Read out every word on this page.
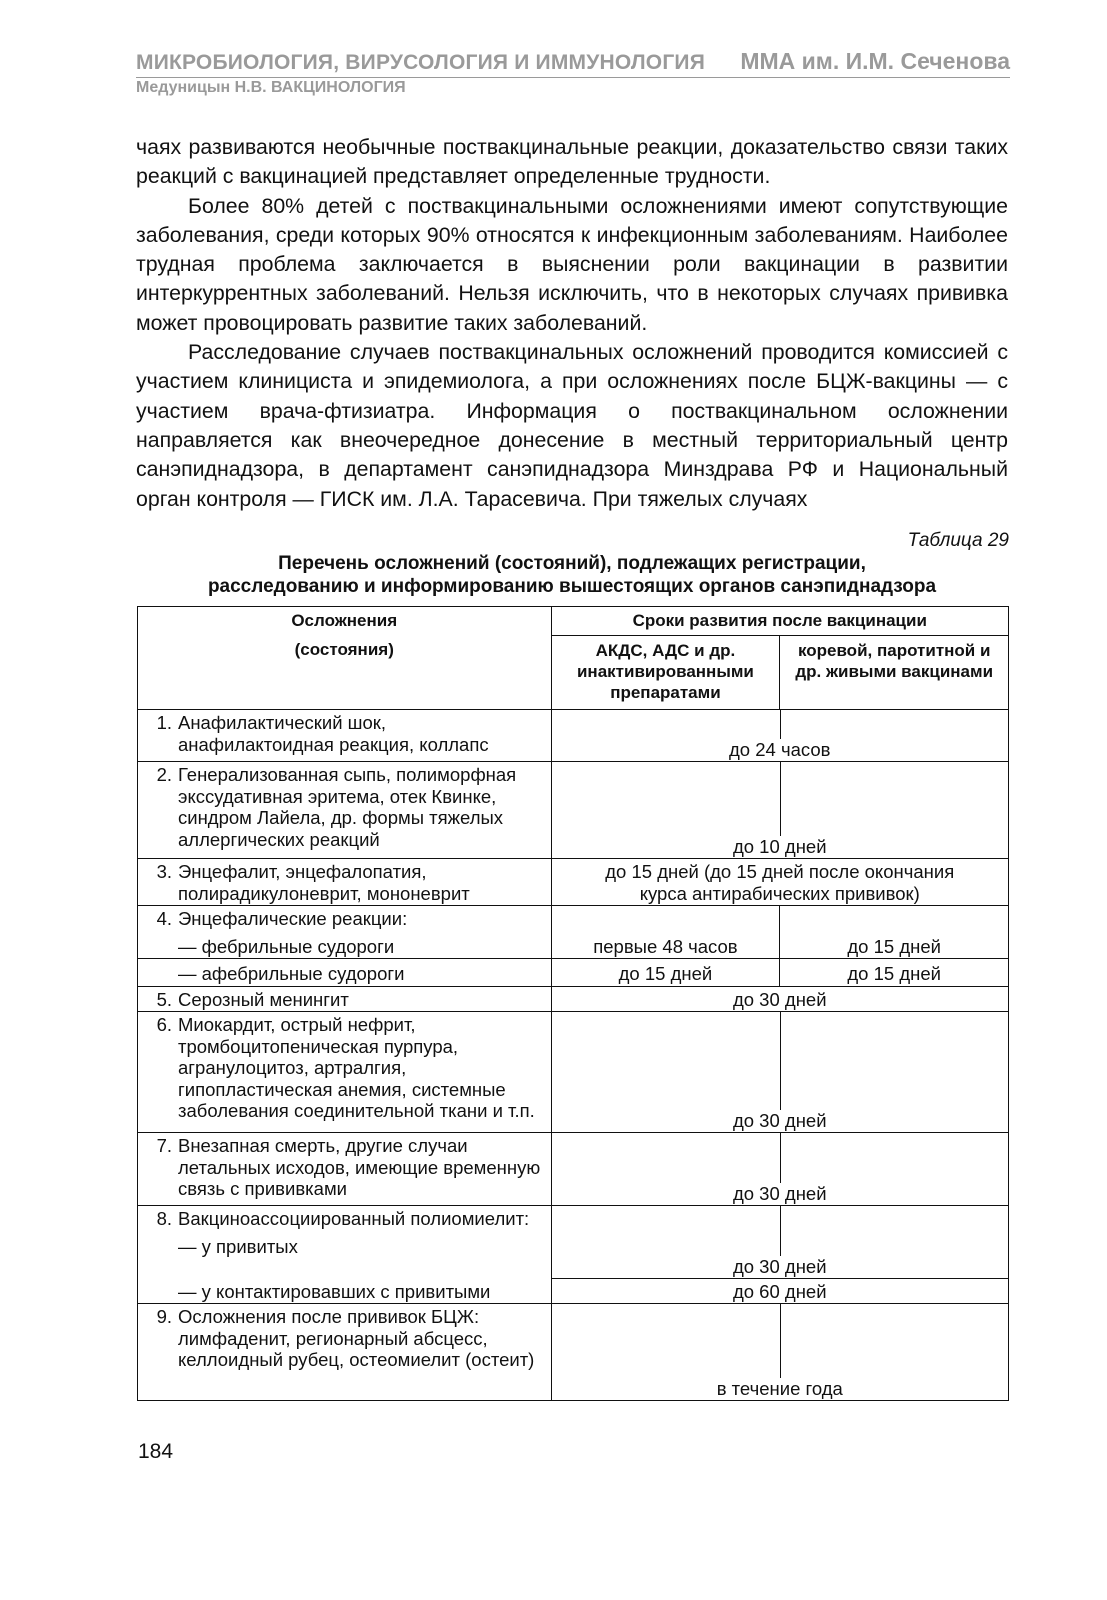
МИКРОБИОЛОГИЯ, ВИРУСОЛОГИЯ И ИММУНОЛОГИЯ ММА им. И.М. Сеченова
Медуницын Н.В. ВАКЦИНОЛОГИЯ

чаях развиваются необычные поствакцинальные реакции, доказательство связи таких реакций с вакцинацией представляет определенные трудности.

Более 80% детей с поствакцинальными осложнениями имеют сопутствующие заболевания, среди которых 90% относятся к инфекционным заболеваниям. Наиболее трудная проблема заключается в выяснении роли вакцинации в развитии интеркуррентных заболеваний. Нельзя исключить, что в некоторых случаях прививка может провоцировать развитие таких заболеваний.

Расследование случаев поствакцинальных осложнений проводится комиссией с участием клинициста и эпидемиолога, а при осложнениях после БЦЖ-вакцины — с участием врача-фтизиатра. Информация о поствакцинальном осложнении направляется как внеочередное донесение в местный территориальный центр санэпиднадзора, в департамент санэпиднадзора Минздрава РФ и Национальный орган контроля — ГИСК им. Л.А. Тарасевича. При тяжелых случаях

Таблица 29
Перечень осложнений (состояний), подлежащих регистрации,
расследованию и информированию вышестоящих органов санэпиднадзора
Осложнения
(состояния)	Сроки развития после вакцинации	
	АКДС, АДС и др. инактивированными препаратами	коревой, паротитной и др. живыми вакцинами

1. Анафилактический шок, анафилактоидная реакция, коллапс	до 24 часов	

2. Генерализованная сыпь, полиморфная экссудативная эритема, отек Квинке, синдром Лайела, др. формы тяжелых аллергических реакций	до 10 дней	

3. Энцефалит, энцефалопатия, полирадикулоневрит, мононеврит	до 15 дней (до 15 дней после окончания курса антирабических прививок)	

4. Энцефалические реакции:		

— фебрильные судороги	первые 48 часов	до 15 дней

— афебрильные судороги	до 15 дней	до 15 дней

5. Серозный менингит	до 30 дней	

6. Миокардит, острый нефрит, тромбоцитопеническая пурпура, агранулоцитоз, артралгия, гипопластическая анемия, системные заболевания соединительной ткани и т.п.	до 30 дней	

7. Внезапная смерть, другие случаи летальных исходов, имеющие временную связь с прививками	до 30 дней	

8. Вакциноассоциированный полиомиелит:
— у привитых	до 30 дней	

— у контактировавших с привитыми	до 60 дней	

9. Осложнения после прививок БЦЖ: лимфаденит, регионарный абсцесс, келлоидный рубец, остеомиелит (остеит)	в течение года	
184
